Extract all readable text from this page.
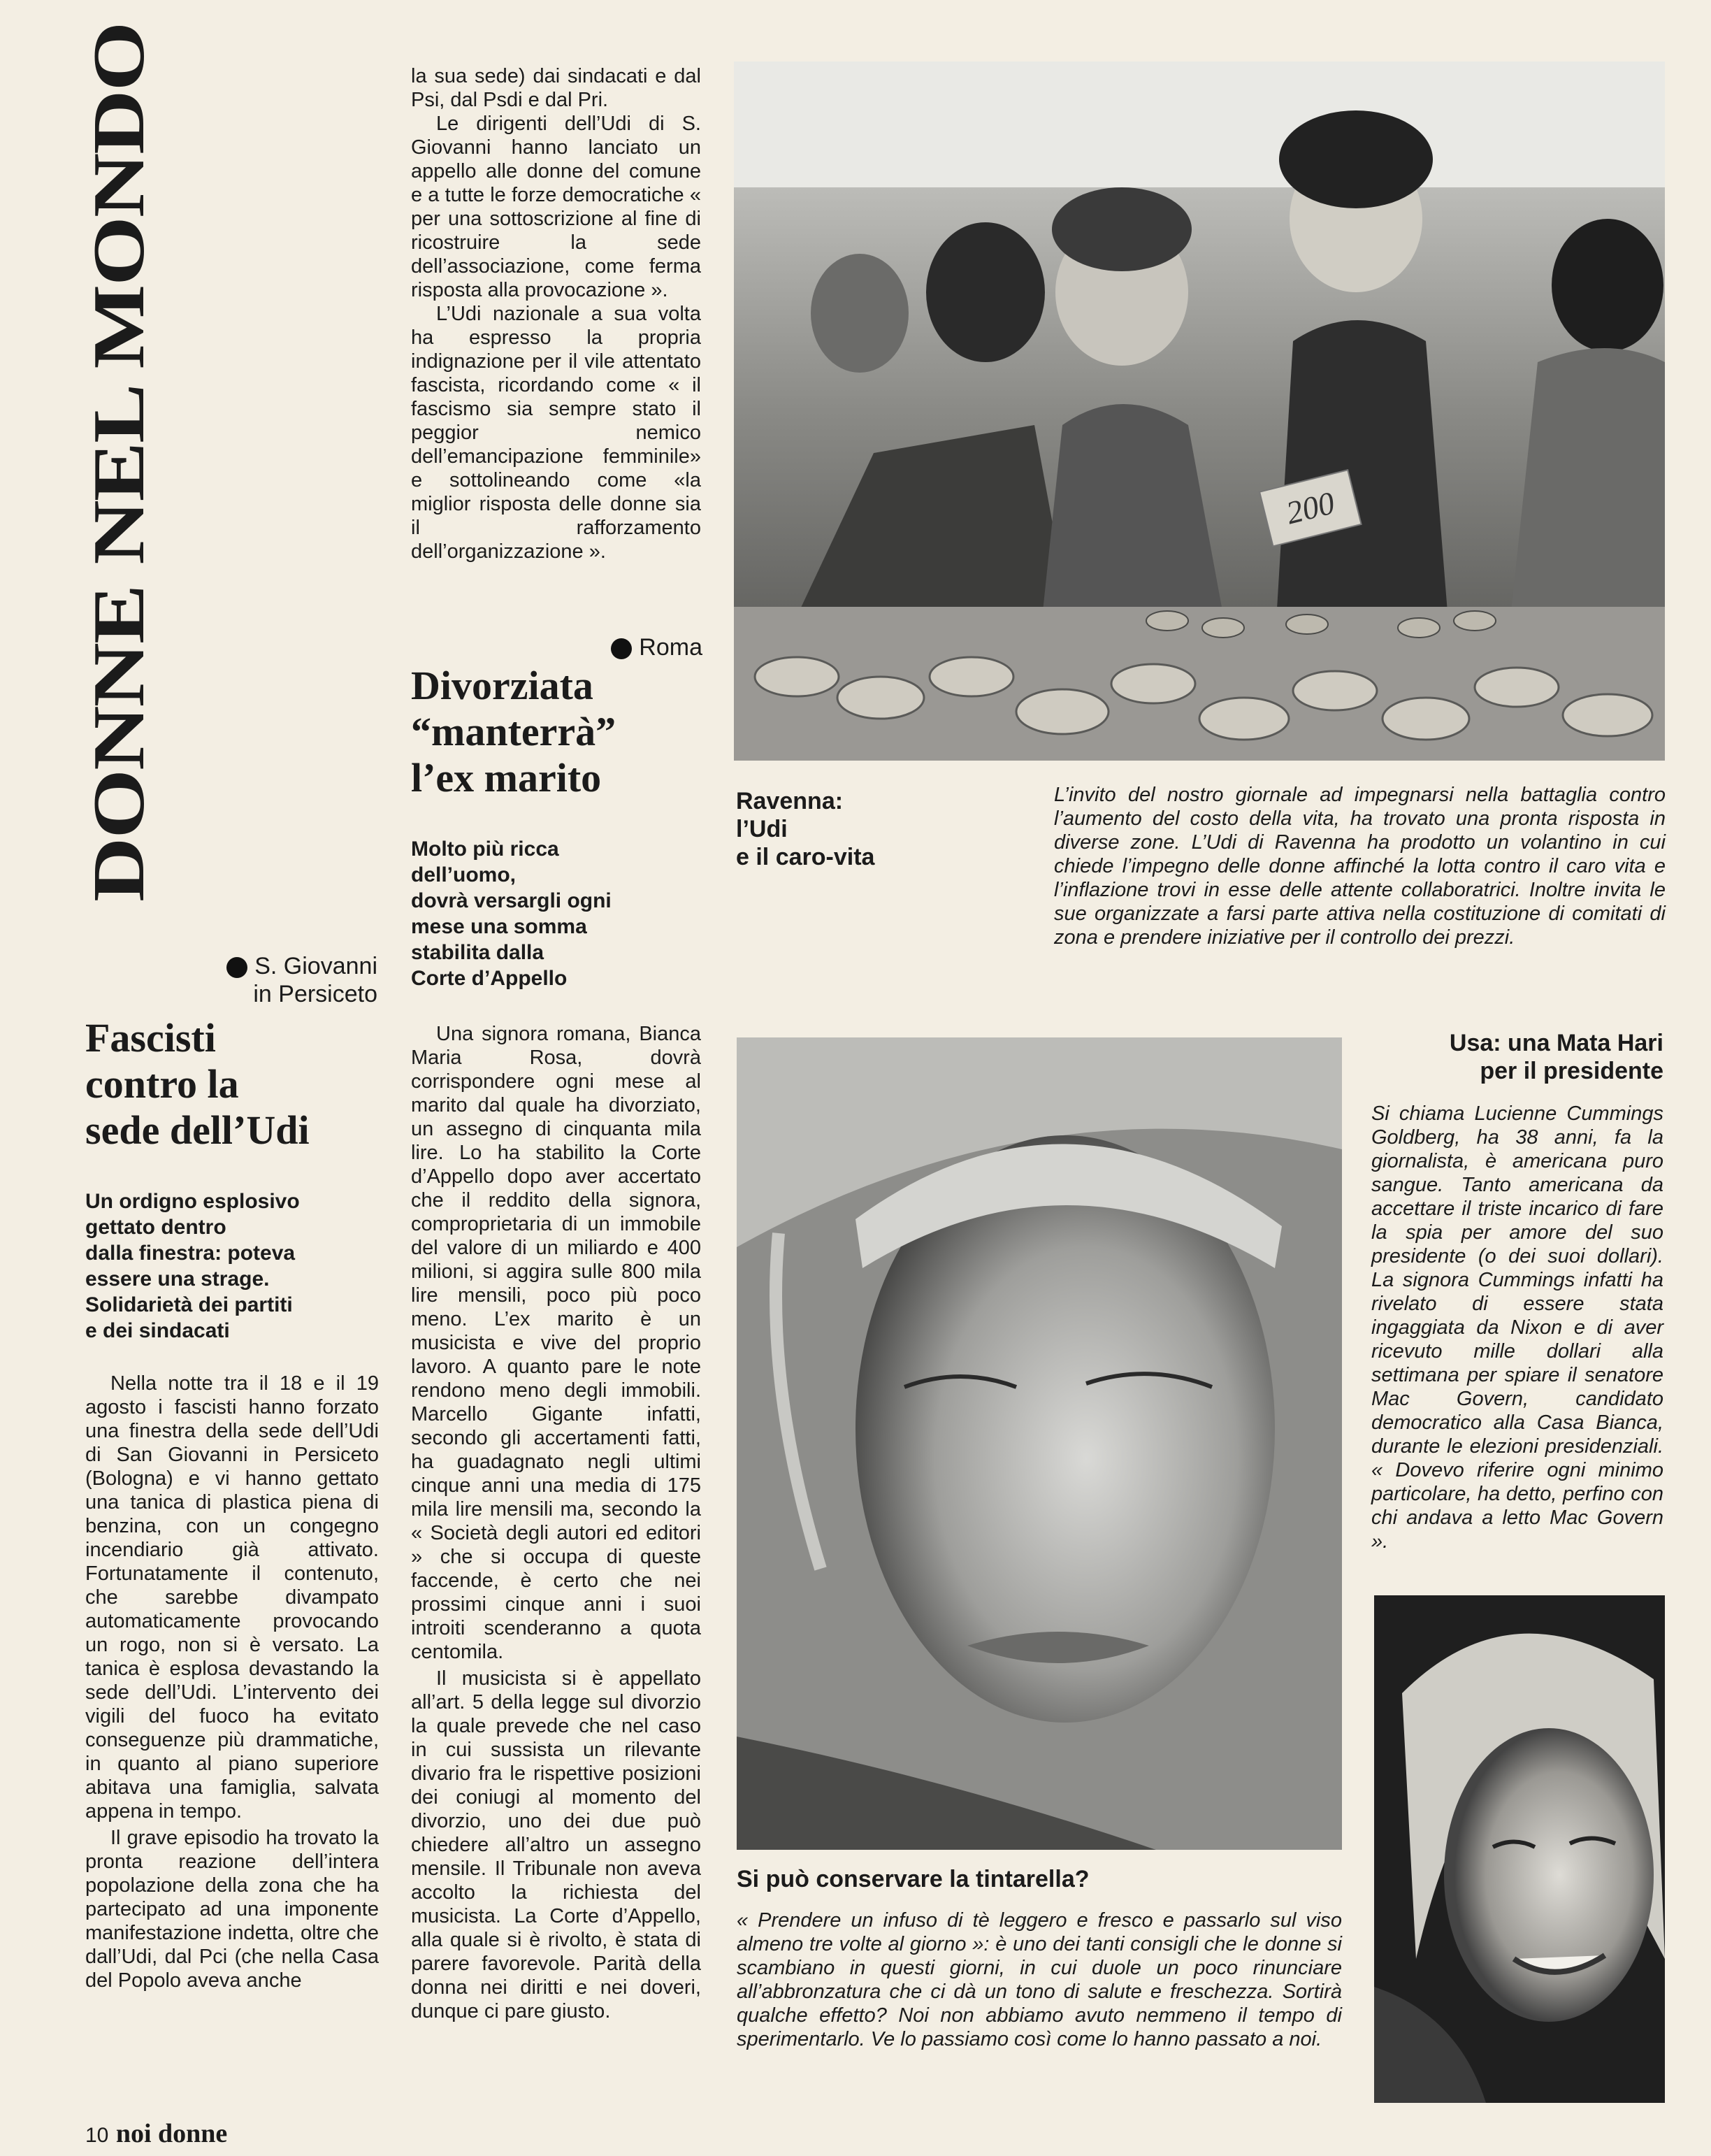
DONNE NEL MONDO

S. Giovanni
in Persiceto

Fascisti
contro la
sede dell’Udi
Un ordigno esplosivo
gettato dentro
dalla finestra: poteva
essere una strage.
Solidarietà dei partiti
e dei sindacati

Nella notte tra il 18 e il 19 agosto i fascisti hanno forzato una finestra della sede dell’Udi di San Giovanni in Persiceto (Bologna) e vi hanno gettato una tanica di plastica piena di benzina, con un congegno incendiario già attivato. Fortunatamente il contenuto, che sarebbe divampato automaticamente provocando un rogo, non si è versato. La tanica è esplosa devastando la sede dell’Udi. L’intervento dei vigili del fuoco ha evitato conseguenze più drammatiche, in quanto al piano superiore abitava una famiglia, salvata appena in tempo.

Il grave episodio ha trovato la pronta reazione dell’intera popolazione della zona che ha partecipato ad una imponente manifestazione indetta, oltre che dall’Udi, dal Pci (che nella Casa del Popolo aveva anche

la sua sede) dai sindacati e dal Psi, dal Psdi e dal Pri.

Le dirigenti dell’Udi di S. Giovanni hanno lanciato un appello alle donne del comune e a tutte le forze democratiche « per una sottoscrizione al fine di ricostruire la sede dell’associazione, come ferma risposta alla provocazione ».

L’Udi nazionale a sua volta ha espresso la propria indignazione per il vile attentato fascista, ricordando come « il fascismo sia sempre stato il peggior nemico dell’emancipazione femminile» e sottolineando come «la miglior risposta delle donne sia il rafforzamento dell’organizzazione ».

Roma

Divorziata
“manterrà”
l’ex marito
Molto più ricca
dell’uomo,
dovrà versargli ogni
mese una somma
stabilita dalla
Corte d’Appello

Una signora romana, Bianca Maria Rosa, dovrà corrispondere ogni mese al marito dal quale ha divorziato, un assegno di cinquanta mila lire. Lo ha stabilito la Corte d’Appello dopo aver accertato che il reddito della signora, comproprietaria di un immobile del valore di un miliardo e 400 milioni, si aggira sulle 800 mila lire mensili, poco più poco meno. L’ex marito è un musicista e vive del proprio lavoro. A quanto pare le note rendono meno degli immobili. Marcello Gigante infatti, secondo gli accertamenti fatti, ha guadagnato negli ultimi cinque anni una media di 175 mila lire mensili ma, secondo la « Società degli autori ed editori » che si occupa di queste faccende, è certo che nei prossimi cinque anni i suoi introiti scenderanno a quota centomila.

Il musicista si è appellato all’art. 5 della legge sul divorzio la quale prevede che nel caso in cui sussista un rilevante divario fra le rispettive posizioni dei coniugi al momento del divorzio, uno dei due può chiedere all’altro un assegno mensile. Il Tribunale non aveva accolto la richiesta del musicista. La Corte d’Appello, alla quale si è rivolto, è stata di parere favorevole. Parità della donna nei diritti e nei doveri, dunque ci pare giusto.

200
Ravenna:
l’Udi
e il caro-vita

L’invito del nostro giornale ad impegnarsi nella battaglia contro l’aumento del costo della vita, ha trovato una pronta risposta in diverse zone. L’Udi di Ravenna ha prodotto un volantino in cui chiede l’impegno delle donne affinché la lotta contro il caro vita e l’inflazione trovi in esse delle attente collaboratrici. Inoltre invita le sue organizzate a farsi parte attiva nella costituzione di comitati di zona e prendere iniziative per il controllo dei prezzi.

Si può conservare la tintarella?

« Prendere un infuso di tè leggero e fresco e passarlo sul viso almeno tre volte al giorno »: è uno dei tanti consigli che le donne si scambiano in questi giorni, in cui duole un poco rinunciare all’abbronzatura che ci dà un tono di salute e freschezza. Sortirà qualche effetto? Noi non abbiamo avuto nemmeno il tempo di sperimentarlo. Ve lo passiamo così come lo hanno passato a noi.

Usa: una Mata Hari
per il presidente

Si chiama Lucienne Cummings Goldberg, ha 38 anni, fa la giornalista, è americana puro sangue. Tanto americana da accettare il triste incarico di fare la spia per amore del suo presidente (o dei suoi dollari). La signora Cummings infatti ha rivelato di essere stata ingaggiata da Nixon e di aver ricevuto mille dollari alla settimana per spiare il senatore Mac Govern, candidato democratico alla Casa Bianca, durante le elezioni presidenziali. « Dovevo riferire ogni minimo particolare, ha detto, perfino con chi andava a letto Mac Govern ».

10 noi donne
